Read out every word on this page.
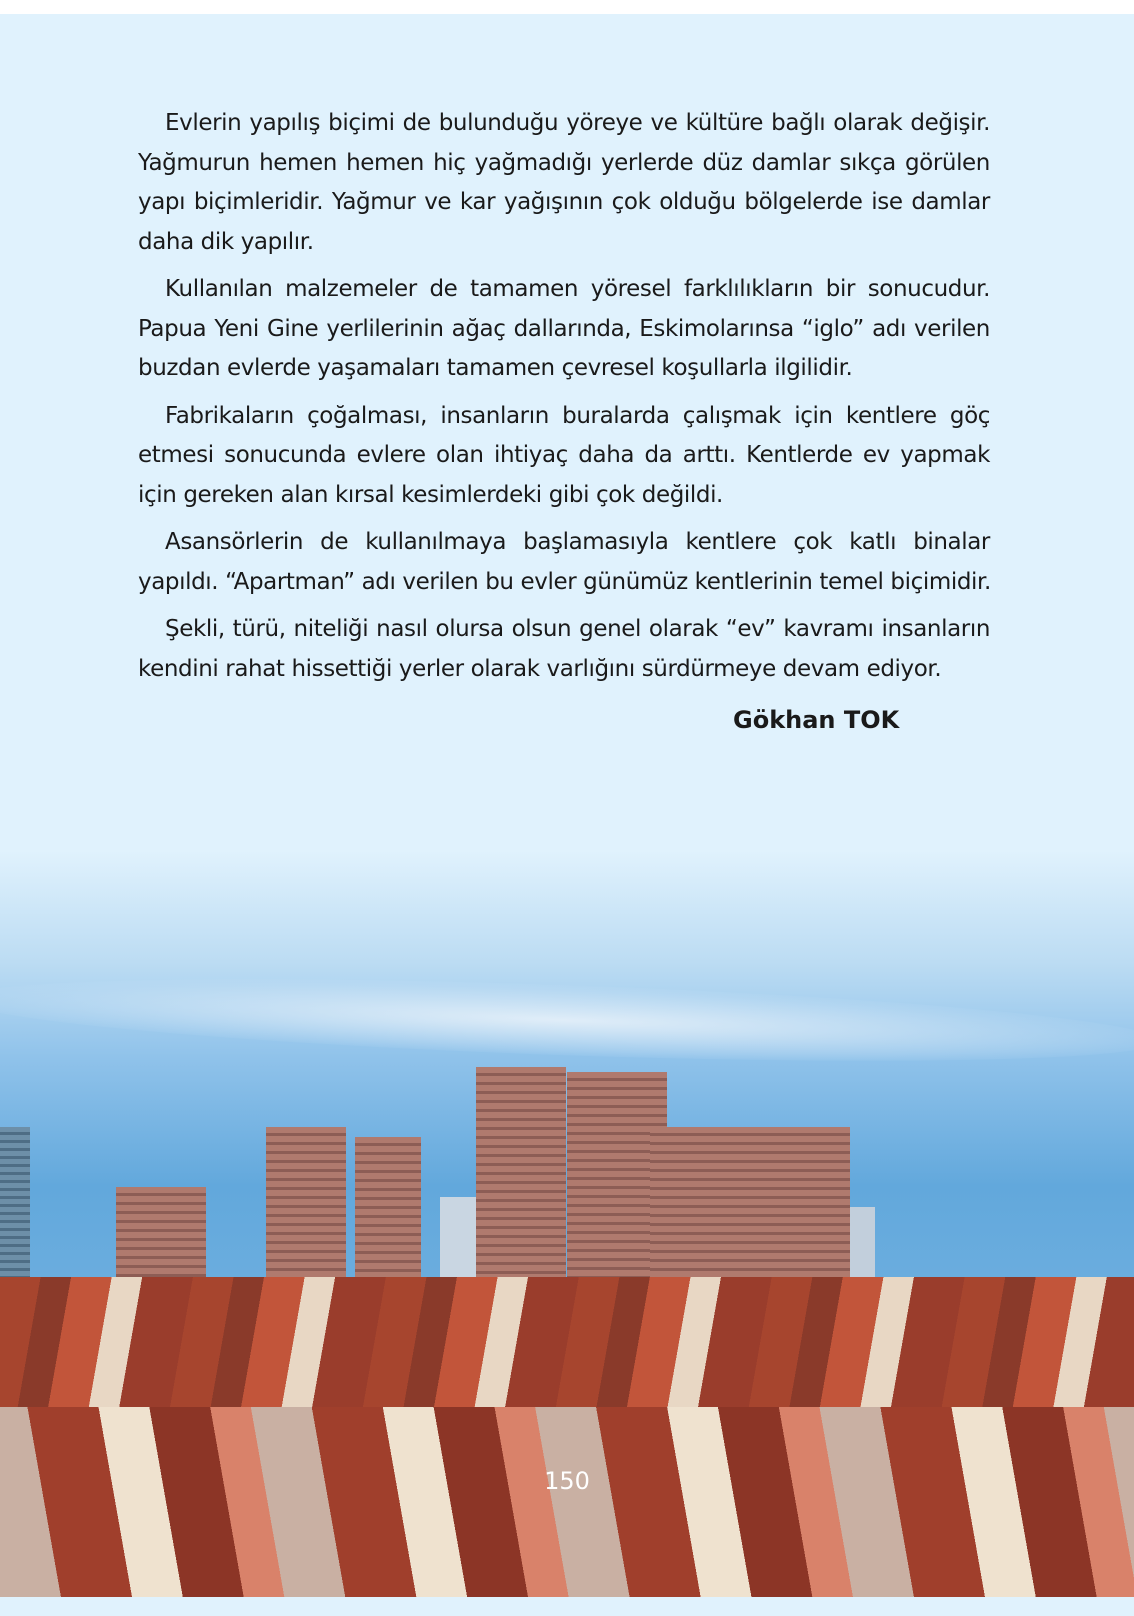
Evlerin yapılış biçimi de bulunduğu yöreye ve kültüre bağlı olarak değişir.
Yağmurun hemen hemen hiç yağmadığı yerlerde düz damlar sıkça görülen
yapı biçimleridir. Yağmur ve kar yağışının çok olduğu bölgelerde ise damlar
daha dik yapılır.
Kullanılan malzemeler de tamamen yöresel farklılıkların bir sonucudur.
Papua Yeni Gine yerlilerinin ağaç dallarında, Eskimolarınsa “iglo” adı verilen
buzdan evlerde yaşamaları tamamen çevresel koşullarla ilgilidir.
Fabrikaların çoğalması, insanların buralarda çalışmak için kentlere göç
etmesi sonucunda evlere olan ihtiyaç daha da arttı. Kentlerde ev yapmak
için gereken alan kırsal kesimlerdeki gibi çok değildi.
Asansörlerin de kullanılmaya başlamasıyla kentlere çok katlı binalar
yapıldı. “Apartman” adı verilen bu evler günümüz kentlerinin temel biçimidir.
Şekli, türü, niteliği nasıl olursa olsun genel olarak “ev” kavramı insanların
kendini rahat hissettiği yerler olarak varlığını sürdürmeye devam ediyor.
Gökhan TOK
150
